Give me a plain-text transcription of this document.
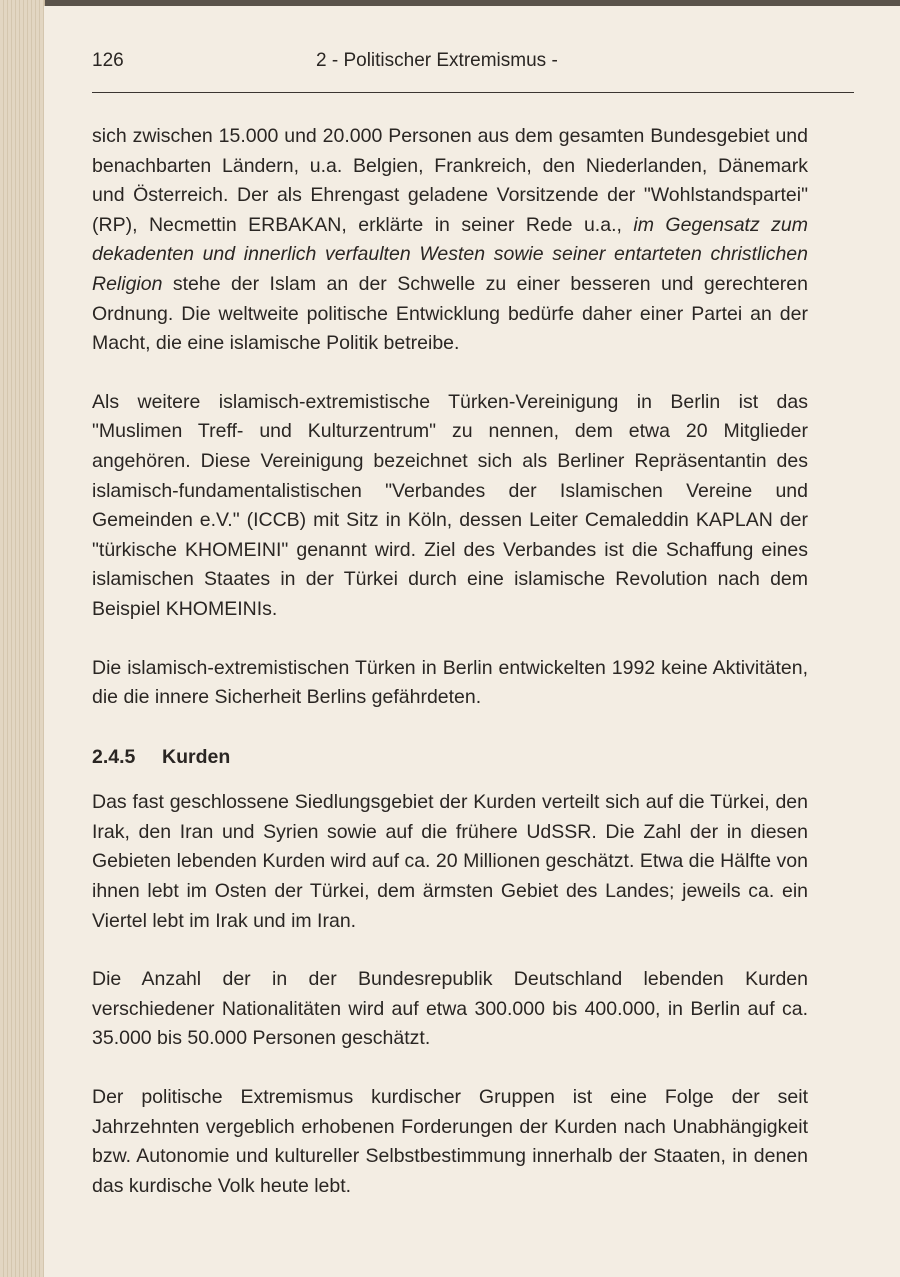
126	2 - Politischer Extremismus -

sich zwischen 15.000 und 20.000 Personen aus dem gesamten Bundesgebiet und benachbarten Ländern, u.a. Belgien, Frankreich, den Niederlanden, Dänemark und Österreich. Der als Ehrengast geladene Vorsitzende der "Wohlstandspartei" (RP), Necmettin ERBAKAN, erklärte in seiner Rede u.a., im Gegensatz zum dekadenten und innerlich verfaulten Westen sowie seiner entarteten christlichen Religion stehe der Islam an der Schwelle zu einer besseren und gerechteren Ordnung. Die weltweite politische Entwicklung bedürfe daher einer Partei an der Macht, die eine islamische Politik betreibe.

Als weitere islamisch-extremistische Türken-Vereinigung in Berlin ist das "Muslimen Treff- und Kulturzentrum" zu nennen, dem etwa 20 Mitglieder angehören. Diese Vereinigung bezeichnet sich als Berliner Repräsentantin des islamisch-fundamentalistischen "Verbandes der Islamischen Vereine und Gemeinden e.V." (ICCB) mit Sitz in Köln, dessen Leiter Cemaleddin KAPLAN der "türkische KHOMEINI" genannt wird. Ziel des Verbandes ist die Schaffung eines islamischen Staates in der Türkei durch eine islamische Revolution nach dem Beispiel KHOMEINIs.

Die islamisch-extremistischen Türken in Berlin entwickelten 1992 keine Aktivitäten, die die innere Sicherheit Berlins gefährdeten.

2.4.5 Kurden

Das fast geschlossene Siedlungsgebiet der Kurden verteilt sich auf die Türkei, den Irak, den Iran und Syrien sowie auf die frühere UdSSR. Die Zahl der in diesen Gebieten lebenden Kurden wird auf ca. 20 Millionen geschätzt. Etwa die Hälfte von ihnen lebt im Osten der Türkei, dem ärmsten Gebiet des Landes; jeweils ca. ein Viertel lebt im Irak und im Iran.

Die Anzahl der in der Bundesrepublik Deutschland lebenden Kurden verschiedener Nationalitäten wird auf etwa 300.000 bis 400.000, in Berlin auf ca. 35.000 bis 50.000 Personen geschätzt.

Der politische Extremismus kurdischer Gruppen ist eine Folge der seit Jahrzehnten vergeblich erhobenen Forderungen der Kurden nach Unabhängigkeit bzw. Autonomie und kultureller Selbstbestimmung innerhalb der Staaten, in denen das kurdische Volk heute lebt.
